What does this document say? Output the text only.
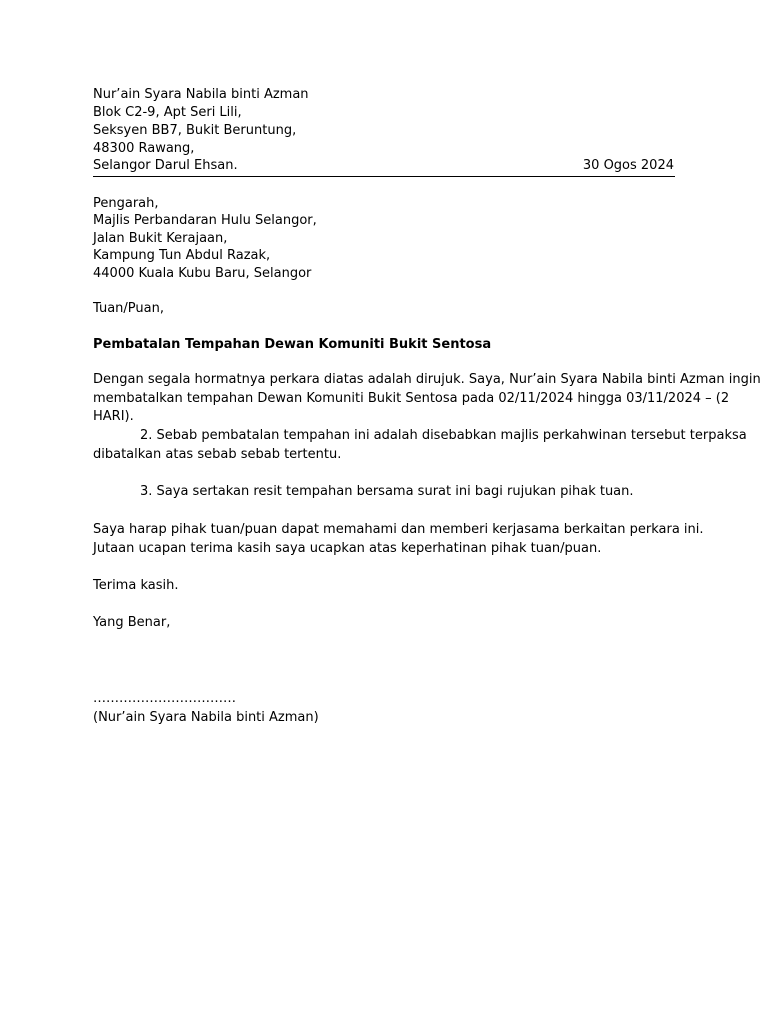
Nur’ain Syara Nabila binti Azman
Blok C2-9, Apt Seri Lili,
Seksyen BB7, Bukit Beruntung,
48300 Rawang,
Selangor Darul Ehsan.	30 Ogos 2024
Pengarah,
Majlis Perbandaran Hulu Selangor,
Jalan Bukit Kerajaan,
Kampung Tun Abdul Razak,
44000 Kuala Kubu Baru, Selangor
Tuan/Puan,
Pembatalan Tempahan Dewan Komuniti Bukit Sentosa
Dengan segala hormatnya perkara diatas adalah dirujuk. Saya, Nur’ain Syara Nabila binti Azman ingin
membatalkan tempahan Dewan Komuniti Bukit Sentosa pada 02/11/2024 hingga 03/11/2024 – (2
HARI).
2. Sebab pembatalan tempahan ini adalah disebabkan majlis perkahwinan tersebut terpaksa
dibatalkan atas sebab sebab tertentu.
3. Saya sertakan resit tempahan bersama surat ini bagi rujukan pihak tuan.
Saya harap pihak tuan/puan dapat memahami dan memberi kerjasama berkaitan perkara ini.
Jutaan ucapan terima kasih saya ucapkan atas keperhatinan pihak tuan/puan.
Terima kasih.
Yang Benar,
……………………………
(Nur’ain Syara Nabila binti Azman)
